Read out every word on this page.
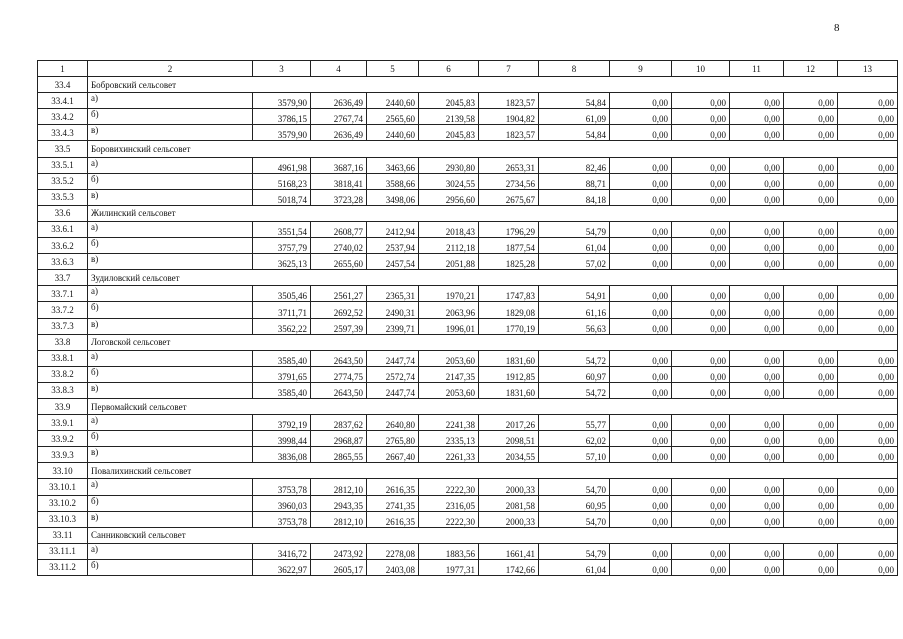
8
1	2	3	4	5	6	7	8	9	10	11	12	13
33.4	Бобровский сельсовет											
33.4.1	а)	3579,90	2636,49	2440,60	2045,83	1823,57	54,84	0,00	0,00	0,00	0,00	0,00
33.4.2	б)	3786,15	2767,74	2565,60	2139,58	1904,82	61,09	0,00	0,00	0,00	0,00	0,00
33.4.3	в)	3579,90	2636,49	2440,60	2045,83	1823,57	54,84	0,00	0,00	0,00	0,00	0,00
33.5	Боровихинский сельсовет											
33.5.1	а)	4961,98	3687,16	3463,66	2930,80	2653,31	82,46	0,00	0,00	0,00	0,00	0,00
33.5.2	б)	5168,23	3818,41	3588,66	3024,55	2734,56	88,71	0,00	0,00	0,00	0,00	0,00
33.5.3	в)	5018,74	3723,28	3498,06	2956,60	2675,67	84,18	0,00	0,00	0,00	0,00	0,00
33.6	Жилинский сельсовет											
33.6.1	а)	3551,54	2608,77	2412,94	2018,43	1796,29	54,79	0,00	0,00	0,00	0,00	0,00
33.6.2	б)	3757,79	2740,02	2537,94	2112,18	1877,54	61,04	0,00	0,00	0,00	0,00	0,00
33.6.3	в)	3625,13	2655,60	2457,54	2051,88	1825,28	57,02	0,00	0,00	0,00	0,00	0,00
33.7	Зудиловский сельсовет											
33.7.1	а)	3505,46	2561,27	2365,31	1970,21	1747,83	54,91	0,00	0,00	0,00	0,00	0,00
33.7.2	б)	3711,71	2692,52	2490,31	2063,96	1829,08	61,16	0,00	0,00	0,00	0,00	0,00
33.7.3	в)	3562,22	2597,39	2399,71	1996,01	1770,19	56,63	0,00	0,00	0,00	0,00	0,00
33.8	Логовской сельсовет											
33.8.1	а)	3585,40	2643,50	2447,74	2053,60	1831,60	54,72	0,00	0,00	0,00	0,00	0,00
33.8.2	б)	3791,65	2774,75	2572,74	2147,35	1912,85	60,97	0,00	0,00	0,00	0,00	0,00
33.8.3	в)	3585,40	2643,50	2447,74	2053,60	1831,60	54,72	0,00	0,00	0,00	0,00	0,00
33.9	Первомайский сельсовет											
33.9.1	а)	3792,19	2837,62	2640,80	2241,38	2017,26	55,77	0,00	0,00	0,00	0,00	0,00
33.9.2	б)	3998,44	2968,87	2765,80	2335,13	2098,51	62,02	0,00	0,00	0,00	0,00	0,00
33.9.3	в)	3836,08	2865,55	2667,40	2261,33	2034,55	57,10	0,00	0,00	0,00	0,00	0,00
33.10	Повалихинский сельсовет											
33.10.1	а)	3753,78	2812,10	2616,35	2222,30	2000,33	54,70	0,00	0,00	0,00	0,00	0,00
33.10.2	б)	3960,03	2943,35	2741,35	2316,05	2081,58	60,95	0,00	0,00	0,00	0,00	0,00
33.10.3	в)	3753,78	2812,10	2616,35	2222,30	2000,33	54,70	0,00	0,00	0,00	0,00	0,00
33.11	Санниковский сельсовет											
33.11.1	а)	3416,72	2473,92	2278,08	1883,56	1661,41	54,79	0,00	0,00	0,00	0,00	0,00
33.11.2	б)	3622,97	2605,17	2403,08	1977,31	1742,66	61,04	0,00	0,00	0,00	0,00	0,00
